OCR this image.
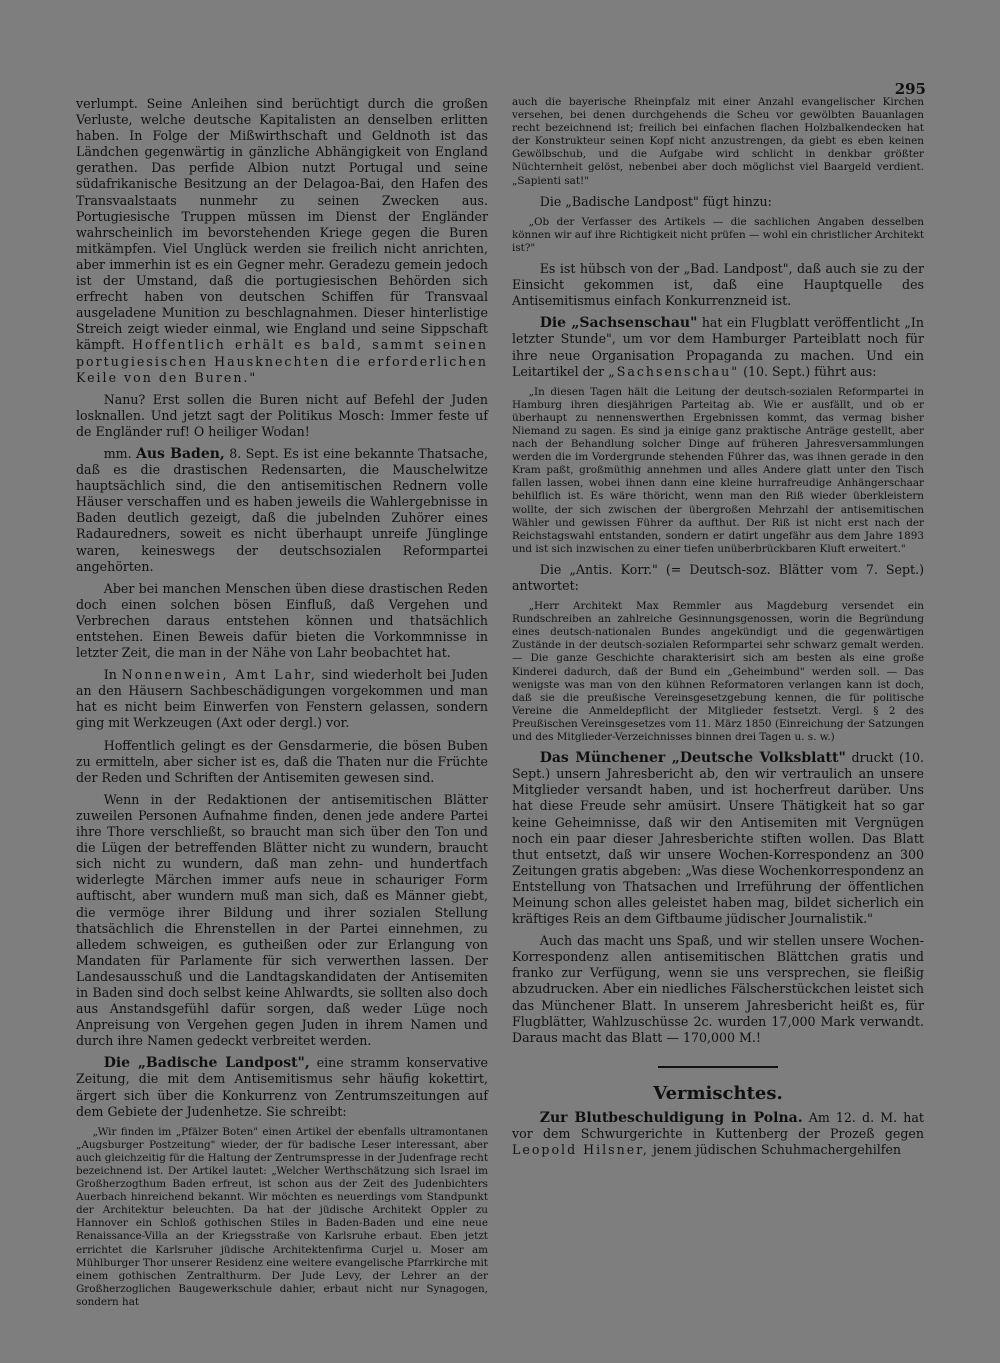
295

verlumpt. Seine Anleihen sind berüchtigt durch die großen Verluste, welche deutsche Kapitalisten an denselben erlitten haben. In Folge der Mißwirthschaft und Geldnoth ist das Ländchen gegenwärtig in gänzliche Abhängigkeit von England gerathen. Das perfide Albion nutzt Portugal und seine südafrikanische Besitzung an der Delagoa-Bai, den Hafen des Transvaalstaats nunmehr zu seinen Zwecken aus. Portugiesische Truppen müssen im Dienst der Engländer wahrscheinlich im bevorstehenden Kriege gegen die Buren mitkämpfen. Viel Unglück werden sie freilich nicht anrichten, aber immerhin ist es ein Gegner mehr. Geradezu gemein jedoch ist der Umstand, daß die portugiesischen Behörden sich erfrecht haben von deutschen Schiffen für Transvaal ausgeladene Munition zu beschlagnahmen. Dieser hinterlistige Streich zeigt wieder einmal, wie England und seine Sippschaft kämpft. Hoffentlich erhält es bald, sammt seinen portugiesischen Hausknechten die erforderlichen Keile von den Buren."

Nanu? Erst sollen die Buren nicht auf Befehl der Juden losknallen. Und jetzt sagt der Politikus Mosch: Immer feste uf de Engländer ruf! O heiliger Wodan!

mm. Aus Baden, 8. Sept. Es ist eine bekannte Thatsache, daß es die drastischen Redensarten, die Mauschelwitze hauptsächlich sind, die den antisemitischen Rednern volle Häuser verschaffen und es haben jeweils die Wahlergebnisse in Baden deutlich gezeigt, daß die jubelnden Zuhörer eines Radauredners, soweit es nicht überhaupt unreife Jünglinge waren, keineswegs der deutschsozialen Reformpartei angehörten.

Aber bei manchen Menschen üben diese drastischen Reden doch einen solchen bösen Einfluß, daß Vergehen und Verbrechen daraus entstehen können und thatsächlich entstehen. Einen Beweis dafür bieten die Vorkommnisse in letzter Zeit, die man in der Nähe von Lahr beobachtet hat.

In Nonnenwein, Amt Lahr, sind wiederholt bei Juden an den Häusern Sachbeschädigungen vorgekommen und man hat es nicht beim Einwerfen von Fenstern gelassen, sondern ging mit Werkzeugen (Axt oder dergl.) vor.

Hoffentlich gelingt es der Gensdarmerie, die bösen Buben zu ermitteln, aber sicher ist es, daß die Thaten nur die Früchte der Reden und Schriften der Antisemiten gewesen sind.

Wenn in der Redaktionen der antisemitischen Blätter zuweilen Personen Aufnahme finden, denen jede andere Partei ihre Thore verschließt, so braucht man sich über den Ton und die Lügen der betreffenden Blätter nicht zu wundern, braucht sich nicht zu wundern, daß man zehn- und hundertfach widerlegte Märchen immer aufs neue in schauriger Form auftischt, aber wundern muß man sich, daß es Männer giebt, die vermöge ihrer Bildung und ihrer sozialen Stellung thatsächlich die Ehrenstellen in der Partei einnehmen, zu alledem schweigen, es gutheißen oder zur Erlangung von Mandaten für Parlamente für sich verwerthen lassen. Der Landesausschuß und die Landtagskandidaten der Antisemiten in Baden sind doch selbst keine Ahlwardts, sie sollten also doch aus Anstandsgefühl dafür sorgen, daß weder Lüge noch Anpreisung von Vergehen gegen Juden in ihrem Namen und durch ihre Namen gedeckt verbreitet werden.

Die „Badische Landpost", eine stramm konservative Zeitung, die mit dem Antisemitismus sehr häufig kokettirt, ärgert sich über die Konkurrenz von Zentrumszeitungen auf dem Gebiete der Judenhetze. Sie schreibt:

„Wir finden im „Pfälzer Boten" einen Artikel der ebenfalls ultramontanen „Augsburger Postzeitung" wieder, der für badische Leser interessant, aber auch gleichzeitig für die Haltung der Zentrumspresse in der Judenfrage recht bezeichnend ist. Der Artikel lautet: „Welcher Werthschätzung sich Israel im Großherzogthum Baden erfreut, ist schon aus der Zeit des Judenbichters Auerbach hinreichend bekannt. Wir möchten es neuerdings vom Standpunkt der Architektur beleuchten. Da hat der jüdische Architekt Oppler zu Hannover ein Schloß gothischen Stiles in Baden-Baden und eine neue Renaissance-Villa an der Kriegsstraße von Karlsruhe erbaut. Eben jetzt errichtet die Karlsruher jüdische Architektenfirma Curjel u. Moser am Mühlburger Thor unserer Residenz eine weitere evangelische Pfarrkirche mit einem gothischen Zentralthurm. Der Jude Levy, der Lehrer an der Großherzoglichen Baugewerkschule dahier, erbaut nicht nur Synagogen, sondern hat

auch die bayerische Rheinpfalz mit einer Anzahl evangelischer Kirchen versehen, bei denen durchgehends die Scheu vor gewölbten Bauanlagen recht bezeichnend ist; freilich bei einfachen flachen Holzbalkendecken hat der Konstrukteur seinen Kopf nicht anzustrengen, da giebt es eben keinen Gewölbschub, und die Aufgabe wird schlicht in denkbar größter Nüchternheit gelöst, nebenbei aber doch möglichst viel Baargeld verdient. „Sapienti sat!"

Die „Badische Landpost" fügt hinzu:

„Ob der Verfasser des Artikels — die sachlichen Angaben desselben können wir auf ihre Richtigkeit nicht prüfen — wohl ein christlicher Architekt ist?"

Es ist hübsch von der „Bad. Landpost", daß auch sie zu der Einsicht gekommen ist, daß eine Hauptquelle des Antisemitismus einfach Konkurrenzneid ist.

Die „Sachsenschau" hat ein Flugblatt veröffentlicht „In letzter Stunde", um vor dem Hamburger Parteiblatt noch für ihre neue Organisation Propaganda zu machen. Und ein Leitartikel der „Sachsenschau" (10. Sept.) führt aus:

„In diesen Tagen hält die Leitung der deutsch-sozialen Reformpartei in Hamburg ihren diesjährigen Parteitag ab. Wie er ausfällt, und ob er überhaupt zu nennenswerthen Ergebnissen kommt, das vermag bisher Niemand zu sagen. Es sind ja einige ganz praktische Anträge gestellt, aber nach der Behandlung solcher Dinge auf früheren Jahresversammlungen werden die im Vordergrunde stehenden Führer das, was ihnen gerade in den Kram paßt, großmüthig annehmen und alles Andere glatt unter den Tisch fallen lassen, wobei ihnen dann eine kleine hurrafreudige Anhängerschaar behilflich ist. Es wäre thöricht, wenn man den Riß wieder überkleistern wollte, der sich zwischen der übergroßen Mehrzahl der antisemitischen Wähler und gewissen Führer da aufthut. Der Riß ist nicht erst nach der Reichstagswahl entstanden, sondern er datirt ungefähr aus dem Jahre 1893 und ist sich inzwischen zu einer tiefen unüberbrückbaren Kluft erweitert."

Die „Antis. Korr." (= Deutsch-soz. Blätter vom 7. Sept.) antwortet:

„Herr Architekt Max Remmler aus Magdeburg versendet ein Rundschreiben an zahlreiche Gesinnungsgenossen, worin die Begründung eines deutsch-nationalen Bundes angekündigt und die gegenwärtigen Zustände in der deutsch-sozialen Reformpartei sehr schwarz gemalt werden. — Die ganze Geschichte charakterisirt sich am besten als eine große Kinderei dadurch, daß der Bund ein „Geheimbund" werden soll. — Das wenigste was man von den kühnen Reformatoren verlangen kann ist doch, daß sie die preußische Vereinsgesetzgebung kennen, die für politische Vereine die Anmeldepflicht der Mitglieder festsetzt. Vergl. § 2 des Preußischen Vereinsgesetzes vom 11. März 1850 (Einreichung der Satzungen und des Mitglieder-Verzeichnisses binnen drei Tagen u. s. w.)

Das Münchener „Deutsche Volksblatt" druckt (10. Sept.) unsern Jahresbericht ab, den wir vertraulich an unsere Mitglieder versandt haben, und ist hocherfreut darüber. Uns hat diese Freude sehr amüsirt. Unsere Thätigkeit hat so gar keine Geheimnisse, daß wir den Antisemiten mit Vergnügen noch ein paar dieser Jahresberichte stiften wollen. Das Blatt thut entsetzt, daß wir unsere Wochen-Korrespondenz an 300 Zeitungen gratis abgeben: „Was diese Wochenkorrespondenz an Entstellung von Thatsachen und Irreführung der öffentlichen Meinung schon alles geleistet haben mag, bildet sicherlich ein kräftiges Reis an dem Giftbaume jüdischer Journalistik."

Auch das macht uns Spaß, und wir stellen unsere Wochen-Korrespondenz allen antisemitischen Blättchen gratis und franko zur Verfügung, wenn sie uns versprechen, sie fleißig abzudrucken. Aber ein niedliches Fälscherstückchen leistet sich das Münchener Blatt. In unserem Jahresbericht heißt es, für Flugblätter, Wahlzuschüsse 2c. wurden 17,000 Mark verwandt. Daraus macht das Blatt — 170,000 M.!

Vermischtes.

Zur Blutbeschuldigung in Polna. Am 12. d. M. hat vor dem Schwurgerichte in Kuttenberg der Prozeß gegen Leopold Hilsner, jenem jüdischen Schuhmachergehilfen
